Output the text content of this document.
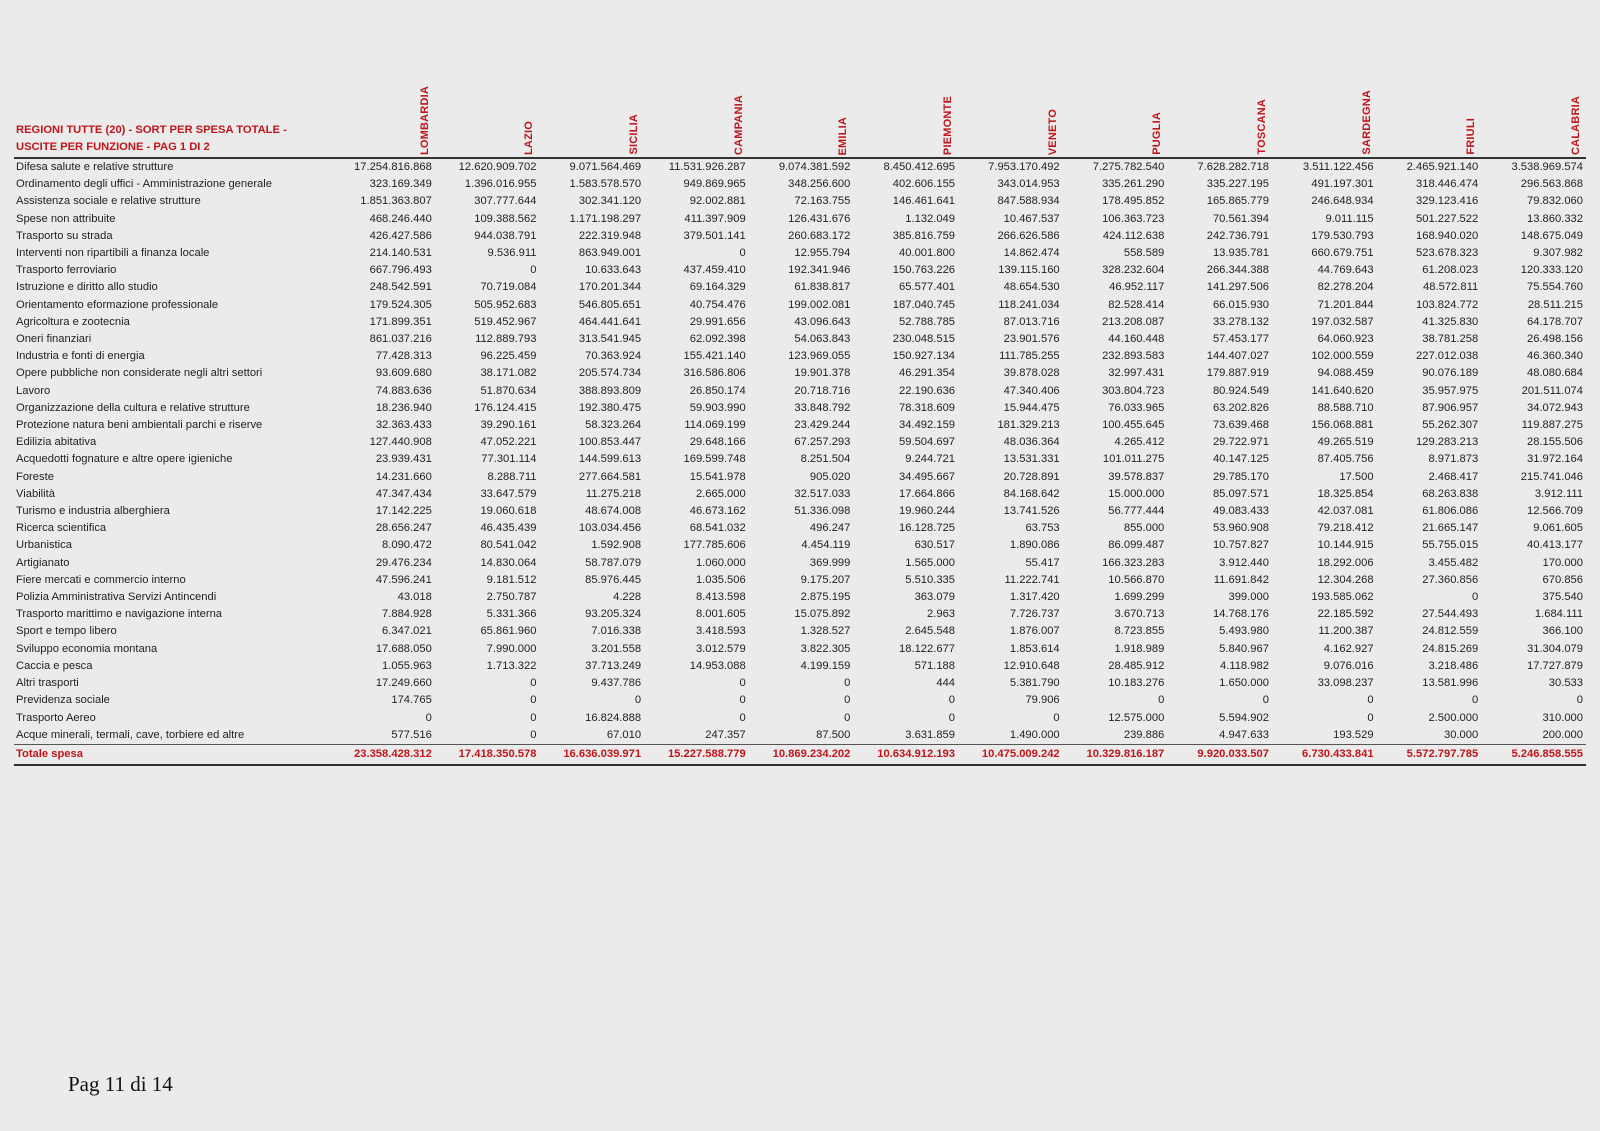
REGIONI TUTTE (20) - SORT PER SPESA TOTALE -
USCITE PER FUNZIONE - PAG 1 DI 2	LOMBARDIA	LAZIO	SICILIA	CAMPANIA	EMILIA	PIEMONTE	VENETO	PUGLIA	TOSCANA	SARDEGNA	FRIULI	CALABRIA

Difesa salute e relative strutture	17.254.816.868	12.620.909.702	9.071.564.469	11.531.926.287	9.074.381.592	8.450.412.695	7.953.170.492	7.275.782.540	7.628.282.718	3.511.122.456	2.465.921.140	3.538.969.574
Ordinamento degli uffici - Amministrazione generale	323.169.349	1.396.016.955	1.583.578.570	949.869.965	348.256.600	402.606.155	343.014.953	335.261.290	335.227.195	491.197.301	318.446.474	296.563.868
Assistenza sociale e relative strutture	1.851.363.807	307.777.644	302.341.120	92.002.881	72.163.755	146.461.641	847.588.934	178.495.852	165.865.779	246.648.934	329.123.416	79.832.060
Spese non attribuite	468.246.440	109.388.562	1.171.198.297	411.397.909	126.431.676	1.132.049	10.467.537	106.363.723	70.561.394	9.011.115	501.227.522	13.860.332
Trasporto su strada	426.427.586	944.038.791	222.319.948	379.501.141	260.683.172	385.816.759	266.626.586	424.112.638	242.736.791	179.530.793	168.940.020	148.675.049
Interventi non ripartibili a finanza locale	214.140.531	9.536.911	863.949.001	0	12.955.794	40.001.800	14.862.474	558.589	13.935.781	660.679.751	523.678.323	9.307.982
Trasporto ferroviario	667.796.493	0	10.633.643	437.459.410	192.341.946	150.763.226	139.115.160	328.232.604	266.344.388	44.769.643	61.208.023	120.333.120
Istruzione e diritto allo studio	248.542.591	70.719.084	170.201.344	69.164.329	61.838.817	65.577.401	48.654.530	46.952.117	141.297.506	82.278.204	48.572.811	75.554.760
Orientamento eformazione professionale	179.524.305	505.952.683	546.805.651	40.754.476	199.002.081	187.040.745	118.241.034	82.528.414	66.015.930	71.201.844	103.824.772	28.511.215
Agricoltura e zootecnia	171.899.351	519.452.967	464.441.641	29.991.656	43.096.643	52.788.785	87.013.716	213.208.087	33.278.132	197.032.587	41.325.830	64.178.707
Oneri finanziari	861.037.216	112.889.793	313.541.945	62.092.398	54.063.843	230.048.515	23.901.576	44.160.448	57.453.177	64.060.923	38.781.258	26.498.156
Industria e fonti di energia	77.428.313	96.225.459	70.363.924	155.421.140	123.969.055	150.927.134	111.785.255	232.893.583	144.407.027	102.000.559	227.012.038	46.360.340
Opere pubbliche non considerate negli altri settori	93.609.680	38.171.082	205.574.734	316.586.806	19.901.378	46.291.354	39.878.028	32.997.431	179.887.919	94.088.459	90.076.189	48.080.684
Lavoro	74.883.636	51.870.634	388.893.809	26.850.174	20.718.716	22.190.636	47.340.406	303.804.723	80.924.549	141.640.620	35.957.975	201.511.074
Organizzazione della cultura e relative strutture	18.236.940	176.124.415	192.380.475	59.903.990	33.848.792	78.318.609	15.944.475	76.033.965	63.202.826	88.588.710	87.906.957	34.072.943
Protezione natura beni ambientali parchi e riserve	32.363.433	39.290.161	58.323.264	114.069.199	23.429.244	34.492.159	181.329.213	100.455.645	73.639.468	156.068.881	55.262.307	119.887.275
Edilizia abitativa	127.440.908	47.052.221	100.853.447	29.648.166	67.257.293	59.504.697	48.036.364	4.265.412	29.722.971	49.265.519	129.283.213	28.155.506
Acquedotti fognature e altre opere igieniche	23.939.431	77.301.114	144.599.613	169.599.748	8.251.504	9.244.721	13.531.331	101.011.275	40.147.125	87.405.756	8.971.873	31.972.164
Foreste	14.231.660	8.288.711	277.664.581	15.541.978	905.020	34.495.667	20.728.891	39.578.837	29.785.170	17.500	2.468.417	215.741.046
Viabilità	47.347.434	33.647.579	11.275.218	2.665.000	32.517.033	17.664.866	84.168.642	15.000.000	85.097.571	18.325.854	68.263.838	3.912.111
Turismo e industria alberghiera	17.142.225	19.060.618	48.674.008	46.673.162	51.336.098	19.960.244	13.741.526	56.777.444	49.083.433	42.037.081	61.806.086	12.566.709
Ricerca scientifica	28.656.247	46.435.439	103.034.456	68.541.032	496.247	16.128.725	63.753	855.000	53.960.908	79.218.412	21.665.147	9.061.605
Urbanistica	8.090.472	80.541.042	1.592.908	177.785.606	4.454.119	630.517	1.890.086	86.099.487	10.757.827	10.144.915	55.755.015	40.413.177
Artigianato	29.476.234	14.830.064	58.787.079	1.060.000	369.999	1.565.000	55.417	166.323.283	3.912.440	18.292.006	3.455.482	170.000
Fiere mercati e commercio interno	47.596.241	9.181.512	85.976.445	1.035.506	9.175.207	5.510.335	11.222.741	10.566.870	11.691.842	12.304.268	27.360.856	670.856
Polizia Amministrativa Servizi Antincendi	43.018	2.750.787	4.228	8.413.598	2.875.195	363.079	1.317.420	1.699.299	399.000	193.585.062	0	375.540
Trasporto marittimo e navigazione interna	7.884.928	5.331.366	93.205.324	8.001.605	15.075.892	2.963	7.726.737	3.670.713	14.768.176	22.185.592	27.544.493	1.684.111
Sport e tempo libero	6.347.021	65.861.960	7.016.338	3.418.593	1.328.527	2.645.548	1.876.007	8.723.855	5.493.980	11.200.387	24.812.559	366.100
Sviluppo economia montana	17.688.050	7.990.000	3.201.558	3.012.579	3.822.305	18.122.677	1.853.614	1.918.989	5.840.967	4.162.927	24.815.269	31.304.079
Caccia e pesca	1.055.963	1.713.322	37.713.249	14.953.088	4.199.159	571.188	12.910.648	28.485.912	4.118.982	9.076.016	3.218.486	17.727.879
Altri trasporti	17.249.660	0	9.437.786	0	0	444	5.381.790	10.183.276	1.650.000	33.098.237	13.581.996	30.533
Previdenza sociale	174.765	0	0	0	0	0	79.906	0	0	0	0	0
Trasporto Aereo	0	0	16.824.888	0	0	0	0	12.575.000	5.594.902	0	2.500.000	310.000
Acque minerali, termali, cave, torbiere ed altre	577.516	0	67.010	247.357	87.500	3.631.859	1.490.000	239.886	4.947.633	193.529	30.000	200.000
Totale spesa	23.358.428.312	17.418.350.578	16.636.039.971	15.227.588.779	10.869.234.202	10.634.912.193	10.475.009.242	10.329.816.187	9.920.033.507	6.730.433.841	5.572.797.785	5.246.858.555
Pag 11 di 14
